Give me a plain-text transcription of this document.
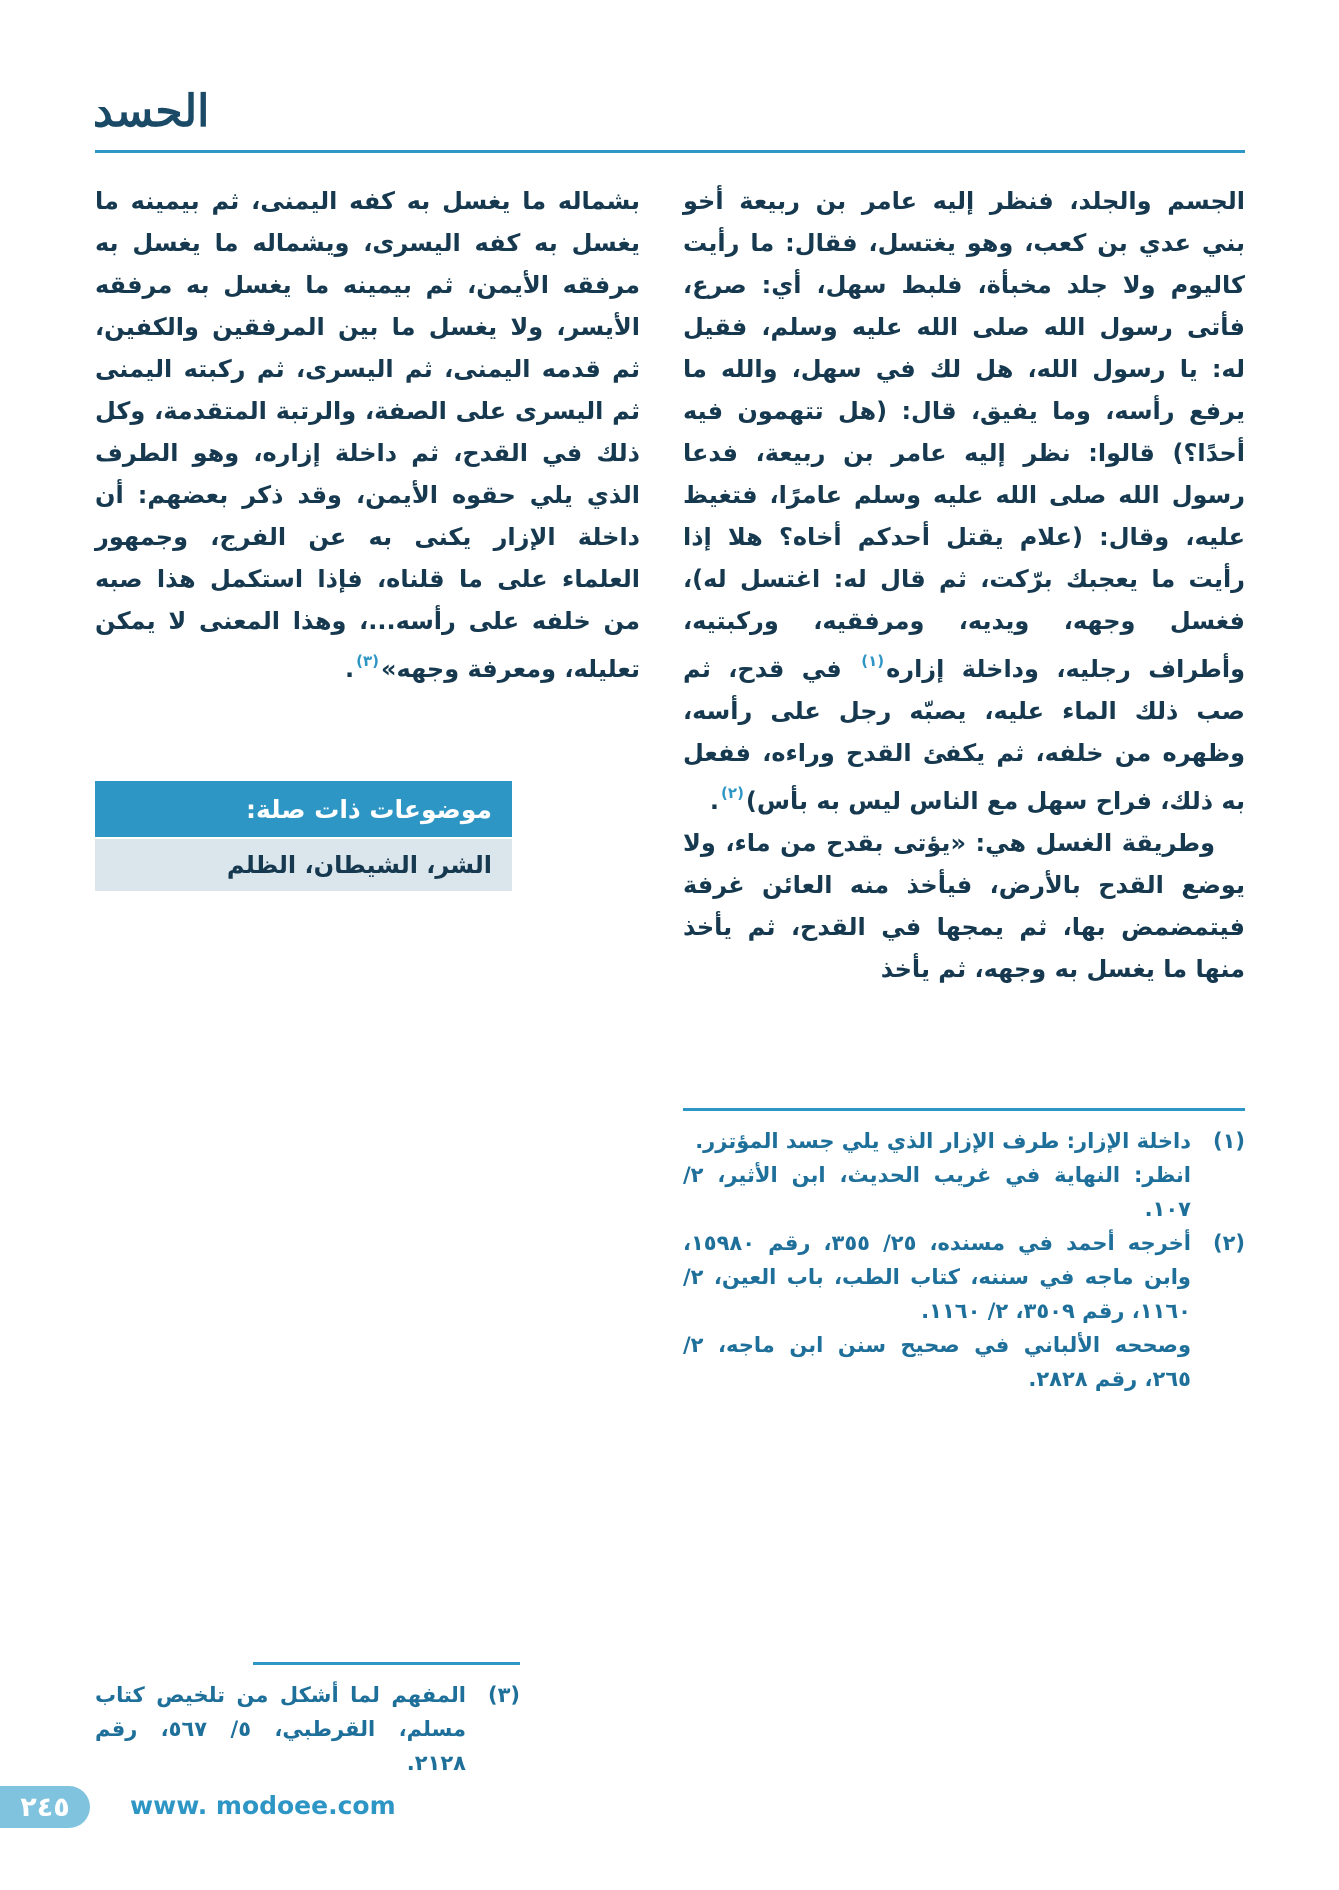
الحسد

الجسم والجلد، فنظر إليه عامر بن ربيعة أخو بني عدي بن كعب، وهو يغتسل، فقال: ما رأيت كاليوم ولا جلد مخبأة، فلبط سهل، أي: صرع، فأتى رسول الله صلى الله عليه وسلم، فقيل له: يا رسول الله، هل لك في سهل، والله ما يرفع رأسه، وما يفيق، قال: (هل تتهمون فيه أحدًا؟) قالوا: نظر إليه عامر بن ربيعة، فدعا رسول الله صلى الله عليه وسلم عامرًا، فتغيظ عليه، وقال: (علام يقتل أحدكم أخاه؟ هلا إذا رأيت ما يعجبك برّكت، ثم قال له: اغتسل له)، فغسل وجهه، ويديه، ومرفقيه، وركبتيه، وأطراف رجليه، وداخلة إزاره$^{(١)}$ في قدح، ثم صب ذلك الماء عليه، يصبّه رجل على رأسه، وظهره من خلفه، ثم يكفئ القدح وراءه، ففعل به ذلك، فراح سهل مع الناس ليس به بأس)$^{(٢)}$.

وطريقة الغسل هي: «يؤتى بقدح من ماء، ولا يوضع القدح بالأرض، فيأخذ منه العائن غرفة فيتمضمض بها، ثم يمجها في القدح، ثم يأخذ منها ما يغسل به وجهه، ثم يأخذ

بشماله ما يغسل به كفه اليمنى، ثم بيمينه ما يغسل به كفه اليسرى، ويشماله ما يغسل به مرفقه الأيمن، ثم بيمينه ما يغسل به مرفقه الأيسر، ولا يغسل ما بين المرفقين والكفين، ثم قدمه اليمنى، ثم اليسرى، ثم ركبته اليمنى ثم اليسرى على الصفة، والرتبة المتقدمة، وكل ذلك في القدح، ثم داخلة إزاره، وهو الطرف الذي يلي حقوه الأيمن، وقد ذكر بعضهم: أن داخلة الإزار يكنى به عن الفرج، وجمهور العلماء على ما قلناه، فإذا استكمل هذا صبه من خلفه على رأسه...، وهذا المعنى لا يمكن تعليله، ومعرفة وجهه»$^{(٣)}$.

موضوعات ذات صلة:
الشر، الشيطان، الظلم
(١)
داخلة الإزار: طرف الإزار الذي يلي جسد المؤتزر.
انظر: النهاية في غريب الحديث، ابن الأثير، ٢/ ١٠٧.
(٢)
أخرجه أحمد في مسنده، ٢٥/ ٣٥٥، رقم ١٥٩٨٠، وابن ماجه في سننه، كتاب الطب، باب العين، ٢/ ١١٦٠، رقم ٣٥٠٩، ٢/ ١١٦٠.
وصححه الألباني في صحيح سنن ابن ماجه، ٢/ ٢٦٥، رقم ٢٨٢٨.
(٣)
المفهم لما أشكل من تلخيص كتاب مسلم، القرطبي، ٥/ ٥٦٧، رقم ٢١٢٨.
٢٤٥ www. modoee.com
